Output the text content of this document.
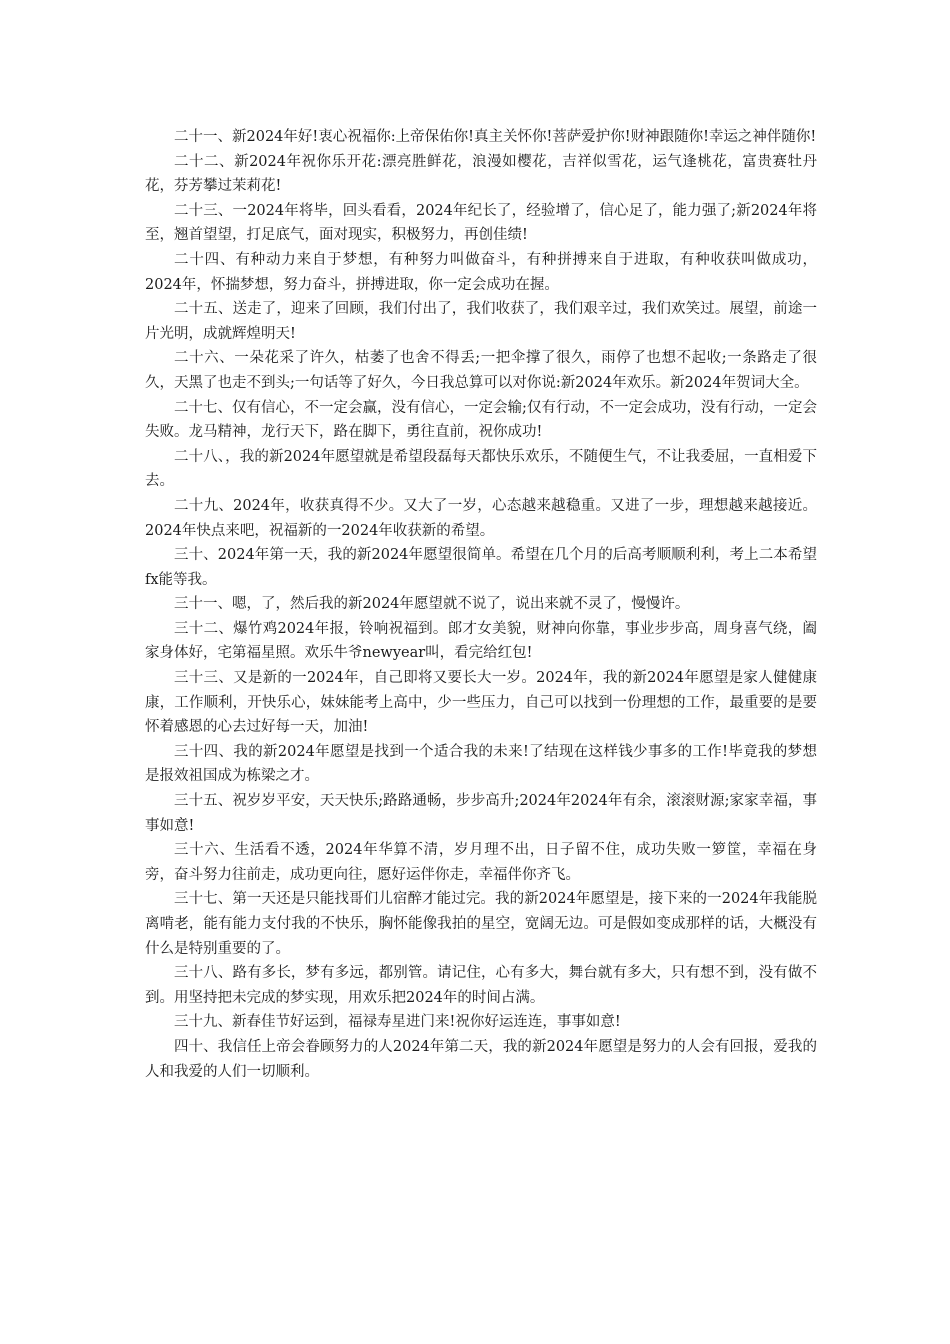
二十一、新2024年好!衷心祝福你:上帝保佑你!真主关怀你!菩萨爱护你!财神跟随你!幸运之神伴随你!

二十二、新2024年祝你乐开花:漂亮胜鲜花，浪漫如樱花，吉祥似雪花，运气逢桃花，富贵赛牡丹花，芬芳攀过茉莉花!

二十三、一2024年将毕，回头看看，2024年纪长了，经验增了，信心足了，能力强了;新2024年将至，翘首望望，打足底气，面对现实，积极努力，再创佳绩!

二十四、有种动力来自于梦想，有种努力叫做奋斗，有种拼搏来自于进取，有种收获叫做成功，2024年，怀揣梦想，努力奋斗，拼搏进取，你一定会成功在握。

二十五、送走了，迎来了回顾，我们付出了，我们收获了，我们艰辛过，我们欢笑过。展望，前途一片光明，成就辉煌明天!

二十六、一朵花采了许久，枯萎了也舍不得丢;一把伞撑了很久，雨停了也想不起收;一条路走了很久，天黑了也走不到头;一句话等了好久，今日我总算可以对你说:新2024年欢乐。新2024年贺词大全。

二十七、仅有信心，不一定会赢，没有信心，一定会输;仅有行动，不一定会成功，没有行动，一定会失败。龙马精神，龙行天下，路在脚下，勇往直前，祝你成功!

二十八、，我的新2024年愿望就是希望段磊每天都快乐欢乐，不随便生气，不让我委屈，一直相爱下去。

二十九、2024年，收获真得不少。又大了一岁，心态越来越稳重。又进了一步，理想越来越接近。2024年快点来吧，祝福新的一2024年收获新的希望。

三十、2024年第一天，我的新2024年愿望很简单。希望在几个月的后高考顺顺利利，考上二本希望fx能等我。

三十一、嗯，了，然后我的新2024年愿望就不说了，说出来就不灵了，慢慢许。

三十二、爆竹鸡2024年报，铃响祝福到。郎才女美貌，财神向你靠，事业步步高，周身喜气绕，阖家身体好，宅第福星照。欢乐牛爷newyear叫，看完给红包!

三十三、又是新的一2024年，自己即将又要长大一岁。2024年，我的新2024年愿望是家人健健康康，工作顺利，开快乐心，妹妹能考上高中，少一些压力，自己可以找到一份理想的工作，最重要的是要怀着感恩的心去过好每一天，加油!

三十四、我的新2024年愿望是找到一个适合我的未来!了结现在这样钱少事多的工作!毕竟我的梦想是报效祖国成为栋梁之才。

三十五、祝岁岁平安，天天快乐;路路通畅，步步高升;2024年2024年有余，滚滚财源;家家幸福，事事如意!

三十六、生活看不透，2024年华算不清，岁月理不出，日子留不住，成功失败一箩筐，幸福在身旁，奋斗努力往前走，成功更向往，愿好运伴你走，幸福伴你齐飞。

三十七、第一天还是只能找哥们儿宿醉才能过完。我的新2024年愿望是，接下来的一2024年我能脱离啃老，能有能力支付我的不快乐，胸怀能像我拍的星空，宽阔无边。可是假如变成那样的话，大概没有什么是特别重要的了。

三十八、路有多长，梦有多远，都别管。请记住，心有多大，舞台就有多大，只有想不到，没有做不到。用坚持把未完成的梦实现，用欢乐把2024年的时间占满。

三十九、新春佳节好运到，福禄寿星进门来!祝你好运连连，事事如意!

四十、我信任上帝会眷顾努力的人2024年第二天，我的新2024年愿望是努力的人会有回报，爱我的人和我爱的人们一切顺利。
